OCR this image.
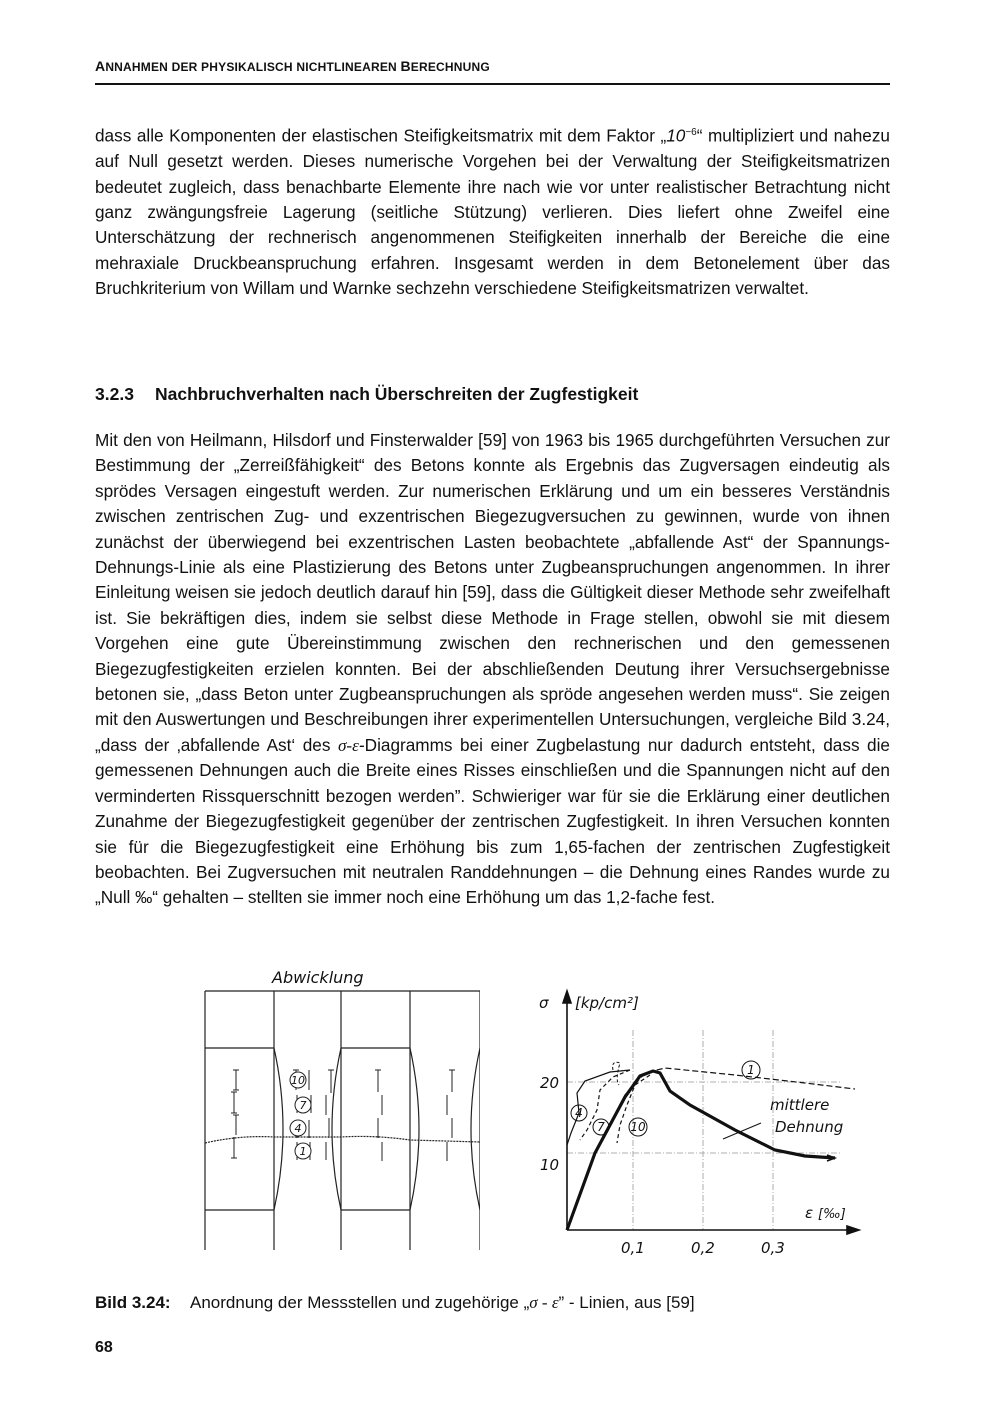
ANNAHMEN DER PHYSIKALISCH NICHTLINEAREN BERECHNUNG
dass alle Komponenten der elastischen Steifigkeitsmatrix mit dem Faktor $„10^{-6}“$ multipliziert und nahezu auf Null gesetzt werden. Dieses numerische Vorgehen bei der Verwaltung der Steifigkeitsmatrizen bedeutet zugleich, dass benachbarte Elemente ihre nach wie vor unter realistischer Betrachtung nicht ganz zwängungsfreie Lagerung (seitliche Stützung) verlieren. Dies liefert ohne Zweifel eine Unterschätzung der rechnerisch angenommenen Steifigkeiten innerhalb der Bereiche die eine mehraxiale Druckbeanspruchung erfahren. Insgesamt werden in dem Betonelement über das Bruchkriterium von Willam und Warnke sechzehn verschiedene Steifigkeitsmatrizen verwaltet.
3.2.3 Nachbruchverhalten nach Überschreiten der Zugfestigkeit
Mit den von Heilmann, Hilsdorf und Finsterwalder [59] von 1963 bis 1965 durchgeführten Versuchen zur Bestimmung der „Zerreißfähigkeit“ des Betons konnte als Ergebnis das Zugversagen eindeutig als sprödes Versagen eingestuft werden. Zur numerischen Erklärung und um ein besseres Verständnis zwischen zentrischen Zug- und exzentrischen Biegezugversuchen zu gewinnen, wurde von ihnen zunächst der überwiegend bei exzentrischen Lasten beobachtete „abfallende Ast“ der Spannungs-Dehnungs-Linie als eine Plastizierung des Betons unter Zugbeanspruchungen angenommen. In ihrer Einleitung weisen sie jedoch deutlich darauf hin [59], dass die Gültigkeit dieser Methode sehr zweifelhaft ist. Sie bekräftigen dies, indem sie selbst diese Methode in Frage stellen, obwohl sie mit diesem Vorgehen eine gute Übereinstimmung zwischen den rechnerischen und den gemessenen Biegezugfestigkeiten erzielen konnten. Bei der abschließenden Deutung ihrer Versuchsergebnisse betonen sie, „dass Beton unter Zugbeanspruchungen als spröde angesehen werden muss“. Sie zeigen mit den Auswertungen und Beschreibungen ihrer experimentellen Untersuchungen, vergleiche Bild 3.24, „dass der ‚abfallende Ast‘ des σ-ε-Diagramms bei einer Zugbelastung nur dadurch entsteht, dass die gemessenen Dehnungen auch die Breite eines Risses einschließen und die Spannungen nicht auf den verminderten Rissquerschnitt bezogen werden”. Schwieriger war für sie die Erklärung einer deutlichen Zunahme der Biegezugfestigkeit gegenüber der zentrischen Zugfestigkeit. In ihren Versuchen konnten sie für die Biegezugfestigkeit eine Erhöhung bis zum 1,65-fachen der zentrischen Zugfestigkeit beobachten. Bei Zugversuchen mit neutralen Randdehnungen – die Dehnung eines Randes wurde zu „Null ‰“ gehalten – stellten sie immer noch eine Erhöhung um das 1,2-fache fest.
Abwicklung
10
7
4
1
1
4
7 10
σ [kp/cm²]
20
10
ε [‰]
0,1	0,2	0,3
mittlere
Dehnung
Bild 3.24: Anordnung der Messstellen und zugehörige „σ - ε” - Linien, aus [59]
68
